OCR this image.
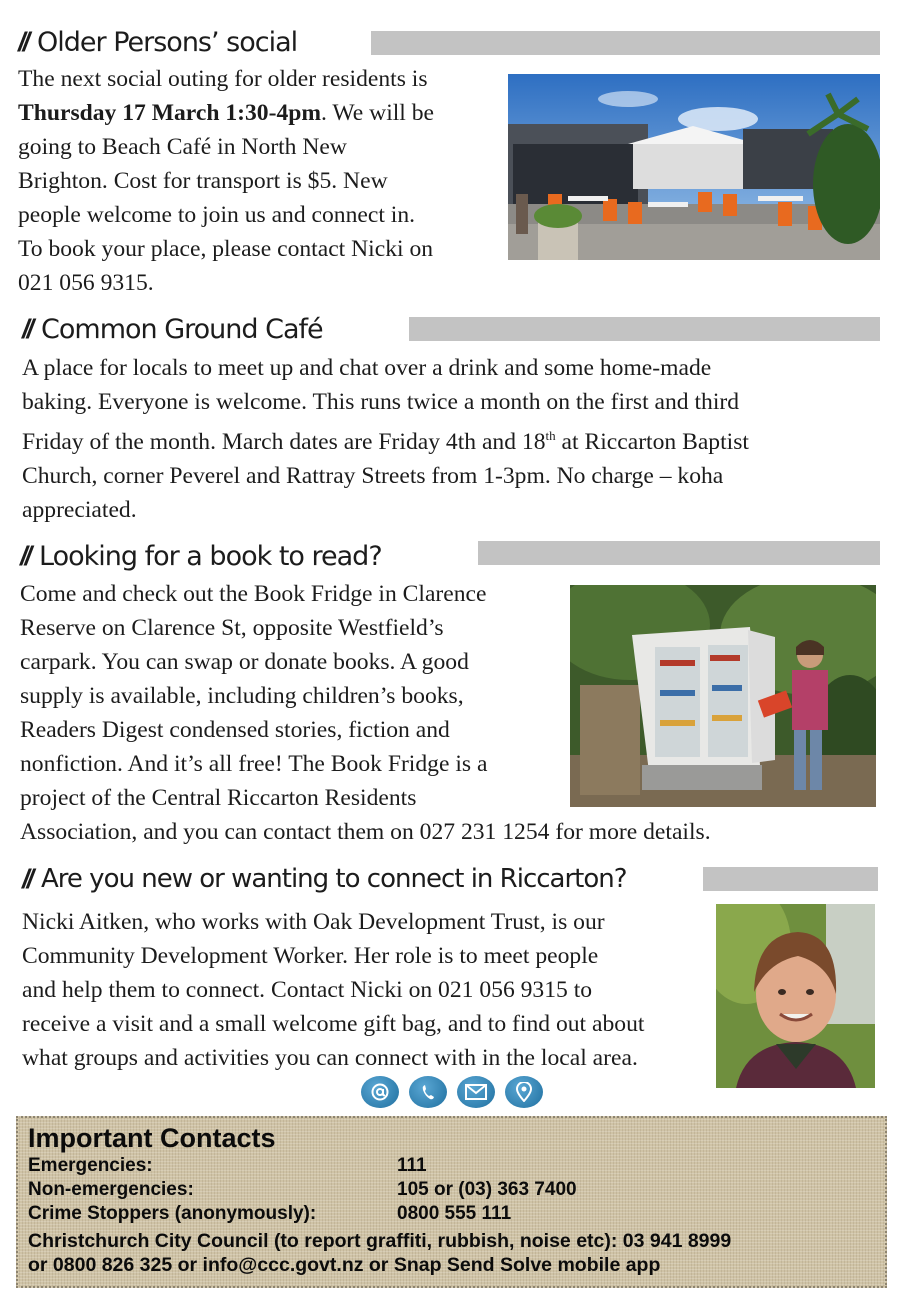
// Older Persons’ social
The next social outing for older residents is
Thursday 17 March 1:30-4pm. We will be
going to Beach Café in North New
Brighton. Cost for transport is $5. New
people welcome to join us and connect in.
To book your place, please contact Nicki on
021 056 9315.
// Common Ground Café
A place for locals to meet up and chat over a drink and some home-made
baking. Everyone is welcome. This runs twice a month on the first and third
Friday of the month. March dates are Friday 4th and 18th at Riccarton Baptist
Church, corner Peverel and Rattray Streets from 1-3pm. No charge – koha
appreciated.
// Looking for a book to read?
Come and check out the Book Fridge in Clarence
Reserve on Clarence St, opposite Westfield’s
carpark. You can swap or donate books. A good
supply is available, including children’s books,
Readers Digest condensed stories, fiction and
nonfiction. And it’s all free! The Book Fridge is a
project of the Central Riccarton Residents
Association, and you can contact them on 027 231 1254 for more details.
// Are you new or wanting to connect in Riccarton?
Nicki Aitken, who works with Oak Development Trust, is our
Community Development Worker. Her role is to meet people
and help them to connect. Contact Nicki on 021 056 9315 to
receive a visit and a small welcome gift bag, and to find out about
what groups and activities you can connect with in the local area.
Important Contacts
Emergencies:	111
Non-emergencies:	105 or (03) 363 7400
Crime Stoppers (anonymously):	0800 555 111
Christchurch City Council (to report graffiti, rubbish, noise etc): 03 941 8999
or 0800 826 325 or info@ccc.govt.nz or Snap Send Solve mobile app
